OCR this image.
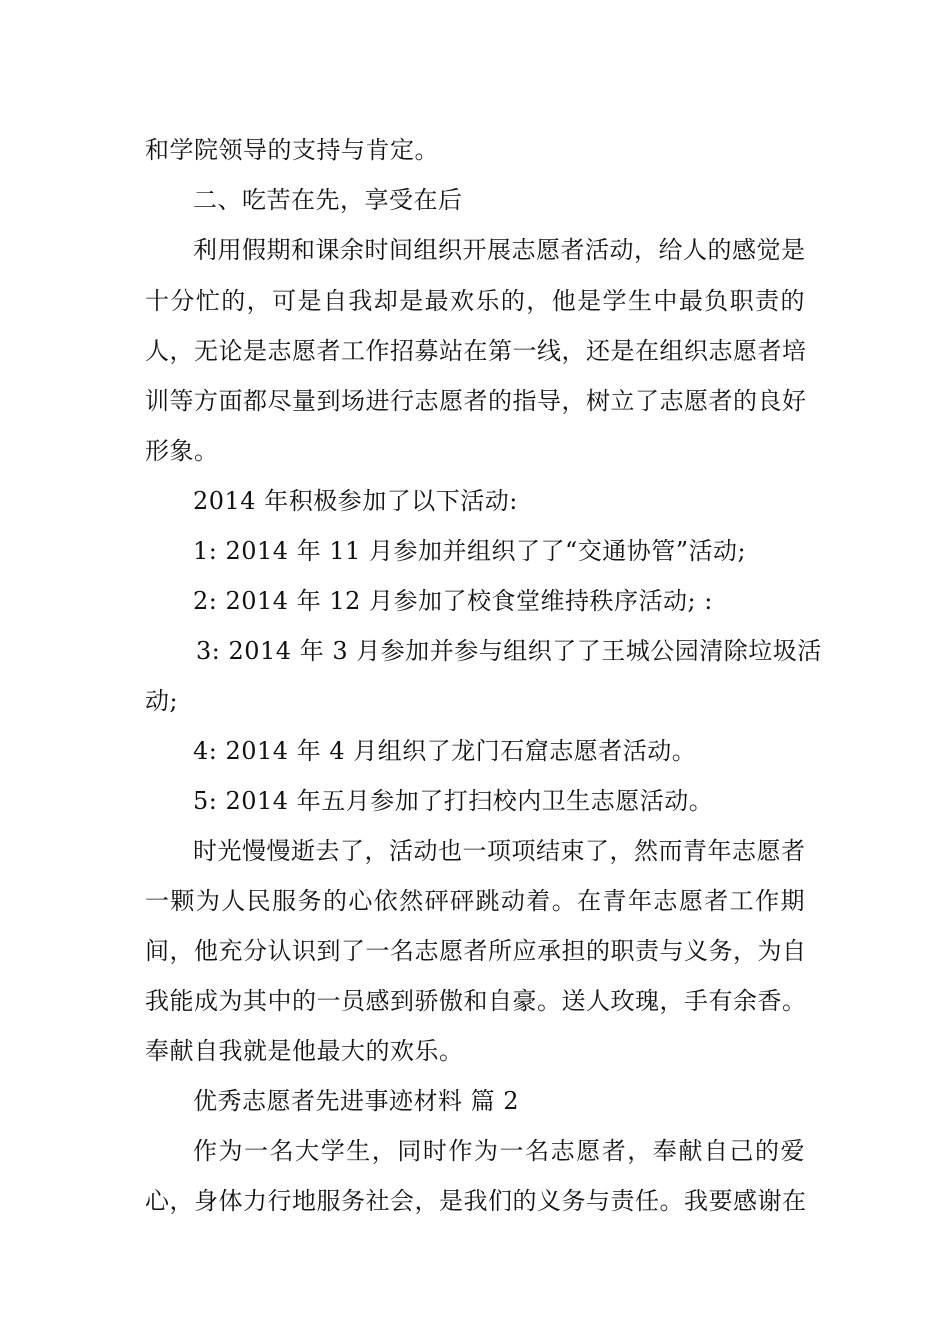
和学院领导的支持与肯定。
二、吃苦在先，享受在后
利用假期和课余时间组织开展志愿者活动，给人的感觉是
十分忙的，可是自我却是最欢乐的，他是学生中最负职责的
人，无论是志愿者工作招募站在第一线，还是在组织志愿者培
训等方面都尽量到场进行志愿者的指导，树立了志愿者的良好
形象。
2014 年积极参加了以下活动:
1: 2014 年 11 月参加并组织了了“交通协管”活动;
2: 2014 年 12 月参加了校食堂维持秩序活动; :
3: 2014 年 3 月参加并参与组织了了王城公园清除垃圾活
动;
4: 2014 年 4 月组织了龙门石窟志愿者活动。
5: 2014 年五月参加了打扫校内卫生志愿活动。
时光慢慢逝去了，活动也一项项结束了，然而青年志愿者
一颗为人民服务的心依然砰砰跳动着。在青年志愿者工作期
间，他充分认识到了一名志愿者所应承担的职责与义务，为自
我能成为其中的一员感到骄傲和自豪。送人玫瑰，手有余香。
奉献自我就是他最大的欢乐。
优秀志愿者先进事迹材料 篇 2
作为一名大学生，同时作为一名志愿者，奉献自己的爱
心，身体力行地服务社会，是我们的义务与责任。我要感谢在
